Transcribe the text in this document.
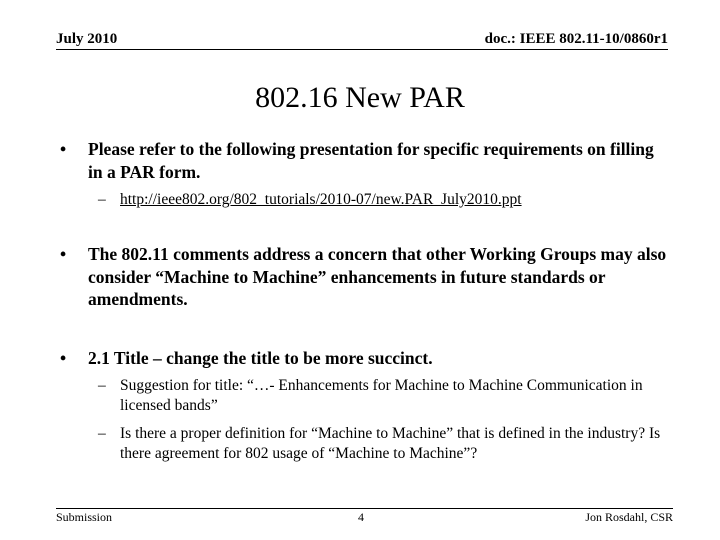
July 2010	doc.: IEEE 802.11-10/0860r1
802.16 New PAR
• Please refer to the following presentation for specific requirements on filling in a PAR form.
– http://ieee802.org/802_tutorials/2010-07/new.PAR_July2010.ppt
• The 802.11 comments address a concern that other Working Groups may also consider “Machine to Machine” enhancements in future standards or amendments.
• 2.1 Title – change the title to be more succinct.
– Suggestion for title: “…- Enhancements for Machine to Machine Communication in licensed bands”
– Is there a proper definition for “Machine to Machine” that is defined in the industry? Is there agreement for 802 usage of “Machine to Machine”?
Submission	4	Jon Rosdahl, CSR
